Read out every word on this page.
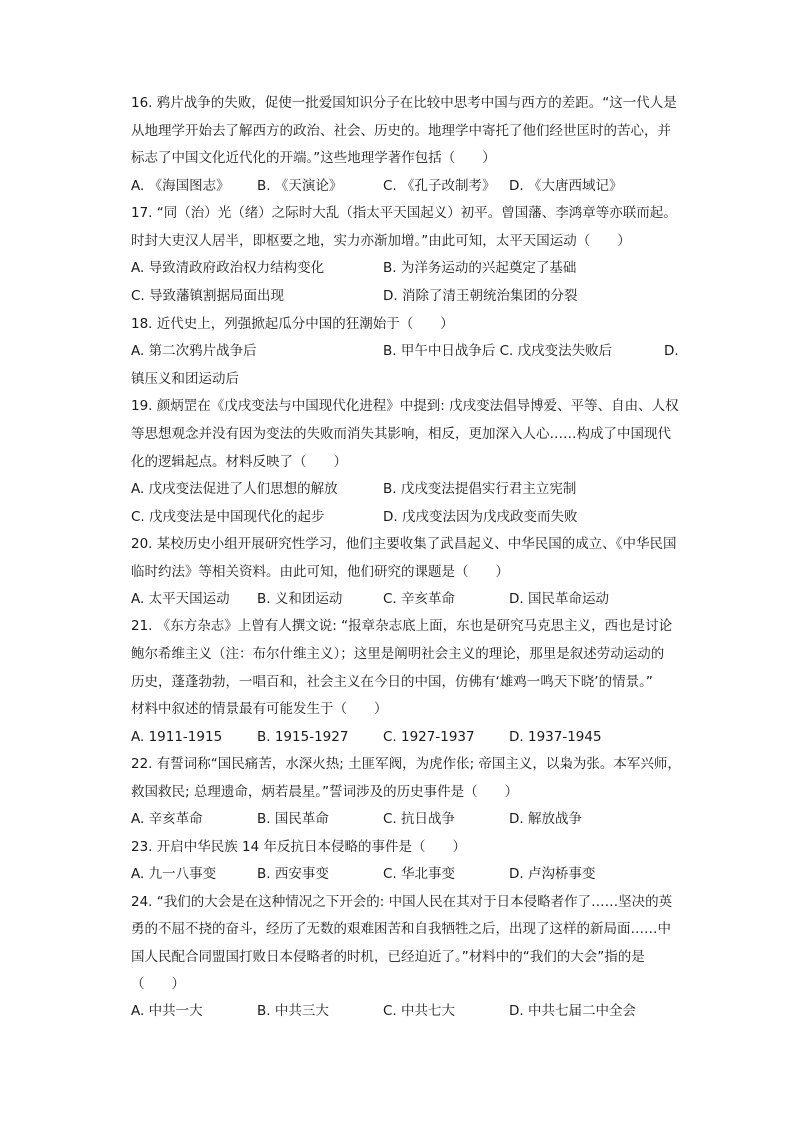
16. 鸦片战争的失败，促使一批爱国知识分子在比较中思考中国与西方的差距。“这一代人是
从地理学开始去了解西方的政治、社会、历史的。地理学中寄托了他们经世匡时的苦心，并
标志了中国文化近代化的开端。”这些地理学著作包括（　　）
A. 《海国图志》 B. 《天演论》	C. 《孔子改制考》 D. 《大唐西域记》
17. “同（治）光（绪）之际时大乱（指太平天国起义）初平。曾国藩、李鸿章等亦联而起。
时封大吏汉人居半，即枢要之地，实力亦渐加增。”由此可知，太平天国运动（　　）
A. 导致清政府政治权力结构变化	B. 为洋务运动的兴起奠定了基础
C. 导致藩镇割据局面出现	D. 消除了清王朝统治集团的分裂
18. 近代史上，列强掀起瓜分中国的狂潮始于（　　）
A. 第二次鸦片战争后	B. 甲午中日战争后 C. 戊戌变法失败后	D.
镇压义和团运动后
19. 颜炳罡在《戊戌变法与中国现代化进程》中提到: 戊戌变法倡导博爱、平等、自由、人权
等思想观念并没有因为变法的失败而消失其影响，相反，更加深入人心……构成了中国现代
化的逻辑起点。材料反映了（　　）
A. 戊戌变法促进了人们思想的解放	B. 戊戌变法提倡实行君主立宪制
C. 戊戌变法是中国现代化的起步	D. 戊戌变法因为戊戌政变而失败
20. 某校历史小组开展研究性学习，他们主要收集了武昌起义、中华民国的成立、《中华民国
临时约法》等相关资料。由此可知，他们研究的课题是（　　）
A. 太平天国运动 B. 义和团运动	C. 辛亥革命	D. 国民革命运动
21. 《东方杂志》上曾有人撰文说: “报章杂志底上面，东也是研究马克思主义，西也是讨论
鲍尔希维主义（注：布尔什维主义）；这里是阐明社会主义的理论，那里是叙述劳动运动的
历史，蓬蓬勃勃，一唱百和，社会主义在今日的中国，仿佛有‘雄鸡一鸣天下晓’的情景。”
材料中叙述的情景最有可能发生于（　　）
A. 1911-1915	B. 1915-1927	C. 1927-1937	D. 1937-1945
22. 有誓词称“国民痛苦，水深火热; 土匪军阀，为虎作伥; 帝国主义，以枭为张。本军兴师，
救国救民; 总理遗命，炳若晨星。”誓词涉及的历史事件是（　　）
A. 辛亥革命	B. 国民革命	C. 抗日战争	D. 解放战争
23. 开启中华民族 14 年反抗日本侵略的事件是（　　）
A. 九一八事变	B. 西安事变	C. 华北事变	D. 卢沟桥事变
24. “我们的大会是在这种情况之下开会的: 中国人民在其对于日本侵略者作了……坚决的英
勇的不屈不挠的奋斗，经历了无数的艰难困苦和自我牺牲之后，出现了这样的新局面……中
国人民配合同盟国打败日本侵略者的时机，已经迫近了。”材料中的“我们的大会”指的是
（　　）
A. 中共一大	B. 中共三大	C. 中共七大	D. 中共七届二中全会
